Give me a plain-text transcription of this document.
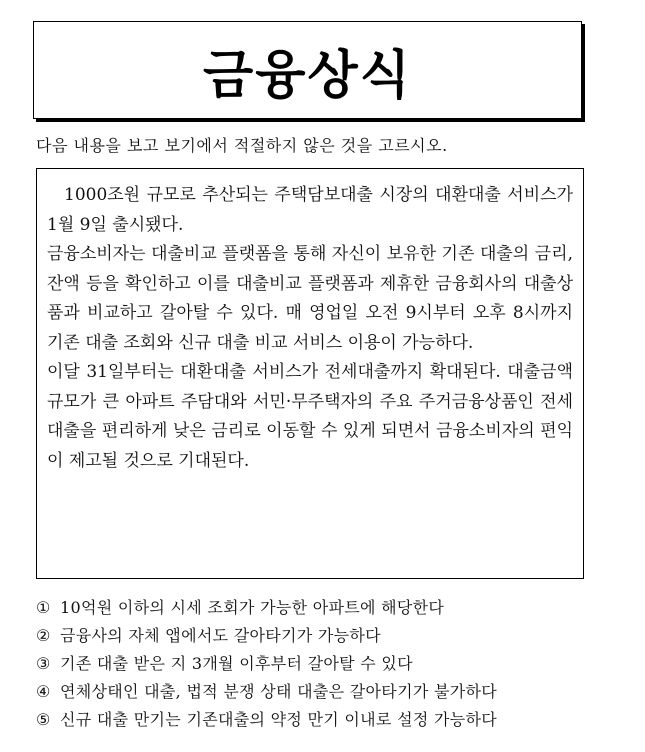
금융상식
다음 내용을 보고 보기에서 적절하지 않은 것을 고르시오.

1000조원 규모로 추산되는 주택담보대출 시장의 대환대출 서비스가 1월 9일 출시됐다.

금융소비자는 대출비교 플랫폼을 통해 자신이 보유한 기존 대출의 금리, 잔액 등을 확인하고 이를 대출비교 플랫폼과 제휴한 금융회사의 대출상품과 비교하고 갈아탈 수 있다. 매 영업일 오전 9시부터 오후 8시까지 기존 대출 조회와 신규 대출 비교 서비스 이용이 가능하다.

이달 31일부터는 대환대출 서비스가 전세대출까지 확대된다. 대출금액 규모가 큰 아파트 주담대와 서민·무주택자의 주요 주거금융상품인 전세대출을 편리하게 낮은 금리로 이동할 수 있게 되면서 금융소비자의 편익이 제고될 것으로 기대된다.

① 10억원 이하의 시세 조회가 가능한 아파트에 해당한다
② 금융사의 자체 앱에서도 갈아타기가 가능하다
③ 기존 대출 받은 지 3개월 이후부터 갈아탈 수 있다
④ 연체상태인 대출, 법적 분쟁 상태 대출은 갈아타기가 불가하다
⑤ 신규 대출 만기는 기존대출의 약정 만기 이내로 설정 가능하다
